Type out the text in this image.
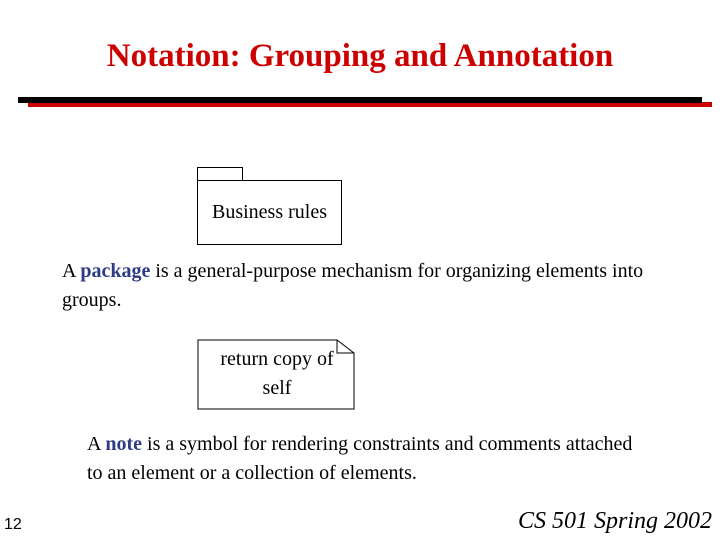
Notation: Grouping and Annotation
Business rules
A package is a general-purpose mechanism for organizing elements into groups.
return copy of
self
A note is a symbol for rendering constraints and comments attached to an element or a collection of elements.
12	CS 501 Spring 2002
